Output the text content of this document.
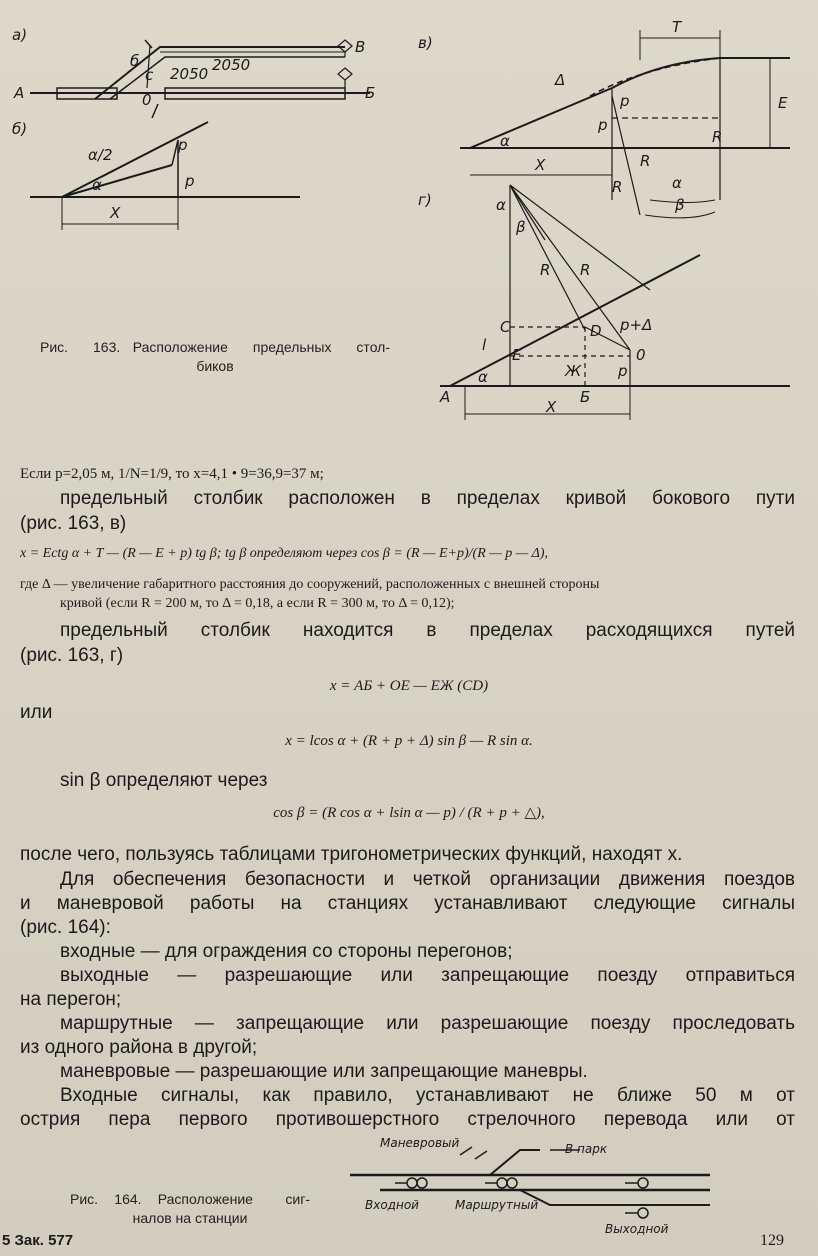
а)
б)
в)
г)
А	Б
В
б
с
0
2050 2050
α/2
α
р
р
Х
Т
Δ
р
р
α
Х	R
R
R
E
α
β
α
β
R R
C	D р+Δ
l
E
Ж
0
р
α
А	Б
Х
Рис.  163. Расположение  предельных  стол-
биков
Если p=2,05 м, 1/N=1/9, то x=4,1 • 9=36,9=37 м;
предельный столбик расположен в пределах кривой бокового пути
(рис. 163, в)
x = Ectg α + T — (R — E + p) tg β; tg β определяют через cos β = (R — E+p)/(R — p — Δ),
где Δ — увеличение габаритного расстояния до сооружений, расположенных с внешней стороны
кривой (если R = 200 м, то Δ = 0,18, а если R = 300 м, то Δ = 0,12);
предельный столбик находится в пределах расходящихся путей
(рис. 163, г)
x = АБ + ОЕ — ЕЖ (CD)
или
x = lcos α + (R + p + Δ) sin β — R sin α.
sin β определяют через
cos β = (R cos α + lsin α — p) / (R + p + △),
после чего, пользуясь таблицами тригонометрических функций, находят x.
Для обеспечения безопасности и четкой организации движения поездов
и маневровой работы на станциях устанавливают следующие сигналы
(рис. 164):
входные — для ограждения со стороны перегонов;
выходные — разрешающие или запрещающие поезду отправиться
на перегон;
маршрутные — запрещающие или разрешающие поезду проследовать
из одного района в другой;
маневровые — разрешающие или запрещающие маневры.
Входные сигналы, как правило, устанавливают не ближе 50 м от
острия пера первого противошерстного стрелочного перевода или от
Маневровый	В парк
Входной	Маршрутный
Выходной
Рис. 164. Расположение  сиг-
налов на станции
5 Зак. 577	129
